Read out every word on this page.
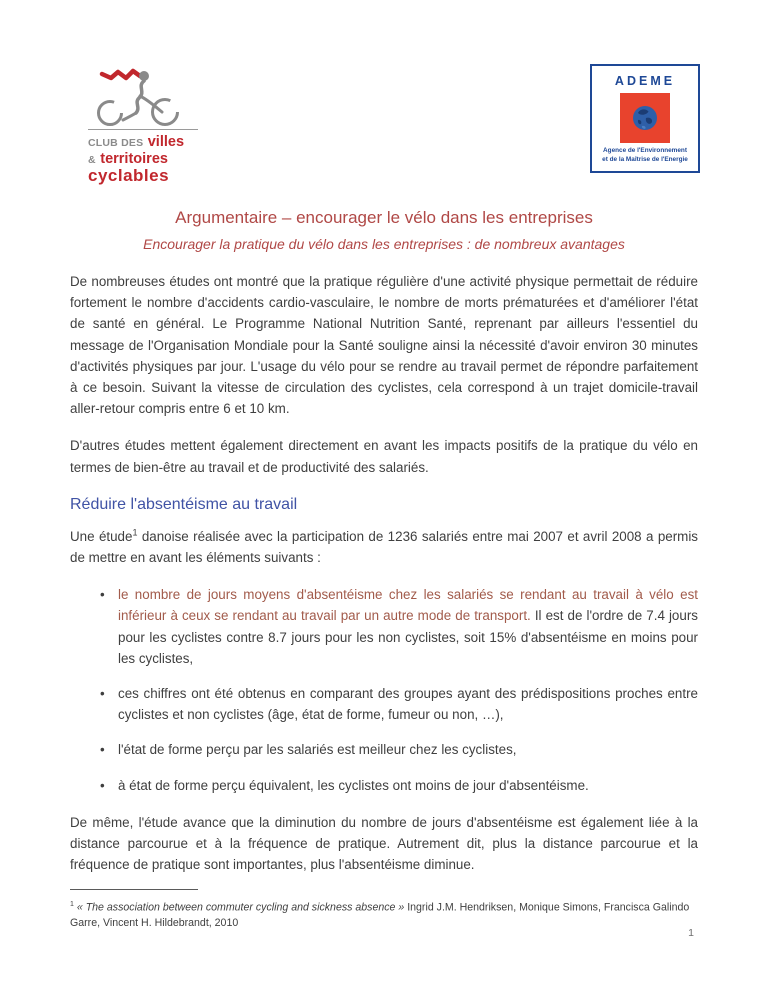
CLUB DES villes
& territoires
cyclables
ADEME
Agence de l'Environnement
et de la Maîtrise de l'Energie
Argumentaire – encourager le vélo dans les entreprises
Encourager la pratique du vélo dans les entreprises : de nombreux avantages

De nombreuses études ont montré que la pratique régulière d'une activité physique permettait de réduire fortement le nombre d'accidents cardio-vasculaire, le nombre de morts prématurées et d'améliorer l'état de santé en général. Le Programme National Nutrition Santé, reprenant par ailleurs l'essentiel du message de l'Organisation Mondiale pour la Santé souligne ainsi la nécessité d'avoir environ 30 minutes d'activités physiques par jour. L'usage du vélo pour se rendre au travail permet de répondre parfaitement à ce besoin. Suivant la vitesse de circulation des cyclistes, cela correspond à un trajet domicile-travail aller-retour compris entre 6 et 10 km.

D'autres études mettent également directement en avant les impacts positifs de la pratique du vélo en termes de bien-être au travail et de productivité des salariés.

Réduire l'absentéisme au travail

Une étude$^1$ danoise réalisée avec la participation de 1236 salariés entre mai 2007 et avril 2008 a permis de mettre en avant les éléments suivants :

• le nombre de jours moyens d'absentéisme chez les salariés se rendant au travail à vélo est inférieur à ceux se rendant au travail par un autre mode de transport. Il est de l'ordre de 7.4 jours pour les cyclistes contre 8.7 jours pour les non cyclistes, soit 15% d'absentéisme en moins pour les cyclistes,
• ces chiffres ont été obtenus en comparant des groupes ayant des prédispositions proches entre cyclistes et non cyclistes (âge, état de forme, fumeur ou non, …),
• l'état de forme perçu par les salariés est meilleur chez les cyclistes,
• à état de forme perçu équivalent, les cyclistes ont moins de jour d'absentéisme.

De même, l'étude avance que la diminution du nombre de jours d'absentéisme est également liée à la distance parcourue et à la fréquence de pratique. Autrement dit, plus la distance parcourue et la fréquence de pratique sont importantes, plus l'absentéisme diminue.

$^1$ « The association between commuter cycling and sickness absence » Ingrid J.M. Hendriksen, Monique Simons, Francisca Galindo Garre, Vincent H. Hildebrandt, 2010
1
